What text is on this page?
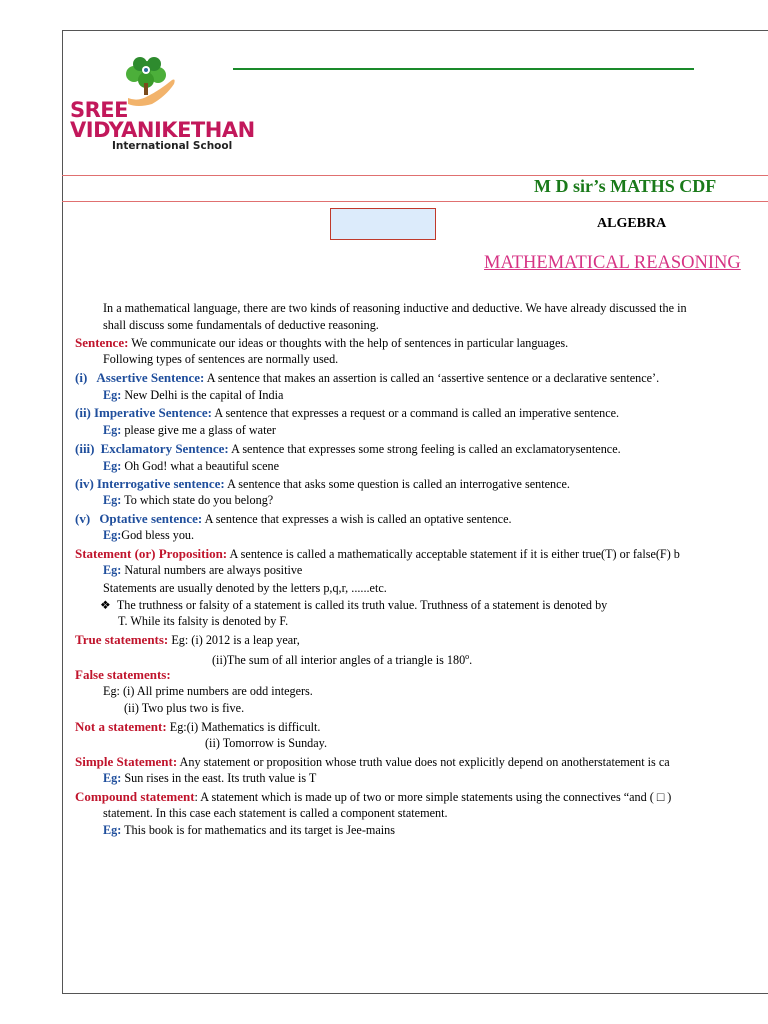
SREE
VIDYANIKETHAN
International School
M D sir’s MATHS CDF
ALGEBRA
MATHEMATICAL REASONING
In a mathematical language, there are two kinds of reasoning inductive and deductive. We have already discussed the in
shall discuss some fundamentals of deductive reasoning.
Sentence: We communicate our ideas or thoughts with the help of sentences in particular languages.
Following types of sentences are normally used.
(i) Assertive Sentence: A sentence that makes an assertion is called an ‘assertive sentence or a declarative sentence’.
Eg: New Delhi is the capital of India
(ii) Imperative Sentence: A sentence that expresses a request or a command is called an imperative sentence.
Eg: please give me a glass of water
(iii) Exclamatory Sentence: A sentence that expresses some strong feeling is called an exclamatorysentence.
Eg: Oh God! what a beautiful scene
(iv) Interrogative sentence: A sentence that asks some question is called an interrogative sentence.
Eg: To which state do you belong?
(v) Optative sentence: A sentence that expresses a wish is called an optative sentence.
Eg:God bless you.
Statement (or) Proposition: A sentence is called a mathematically acceptable statement if it is either true(T) or false(F) b
Eg: Natural numbers are always positive
Statements are usually denoted by the letters p,q,r, ......etc.
❖ The truthness or falsity of a statement is called its truth value. Truthness of a statement is denoted by
T. While its falsity is denoted by F.
True statements: Eg: (i) 2012 is a leap year,
(ii)The sum of all interior angles of a triangle is 180$^o$.
False statements:
Eg: (i) All prime numbers are odd integers.
(ii) Two plus two is five.
Not a statement: Eg:(i) Mathematics is difficult.
(ii) Tomorrow is Sunday.
Simple Statement: Any statement or proposition whose truth value does not explicitly depend on anotherstatement is ca
Eg: Sun rises in the east. Its truth value is T
Compound statement: A statement which is made up of two or more simple statements using the connectives “and ( □ )
statement. In this case each statement is called a component statement.
Eg: This book is for mathematics and its target is Jee-mains
